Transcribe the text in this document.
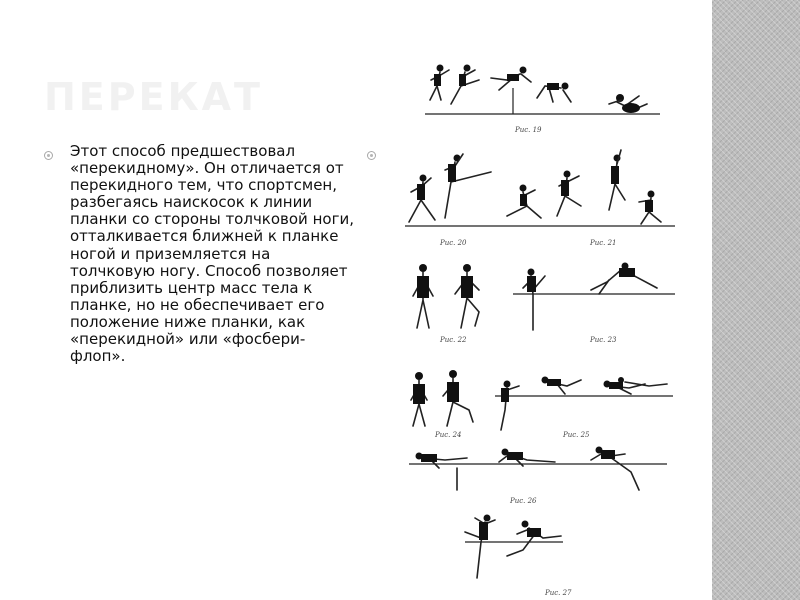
ПЕРЕКАТ

Этот способ предшествовал «перекидному». Он отличается от перекидного тем, что спортсмен, разбегаясь наискосок к линии планки со стороны толчковой ноги, отталкивается ближней к планке ногой и приземляется на толчковую ногу. Способ позволяет приблизить центр масс тела к планке, но не обеспечивает его положение ниже планки, как «перекидной» или «фосбери-флоп».

Рис. 19
Рис. 20	Рис. 21
Рис. 22	Рис. 23
Рис. 24	Рис. 25
Рис. 26
Рис. 27
